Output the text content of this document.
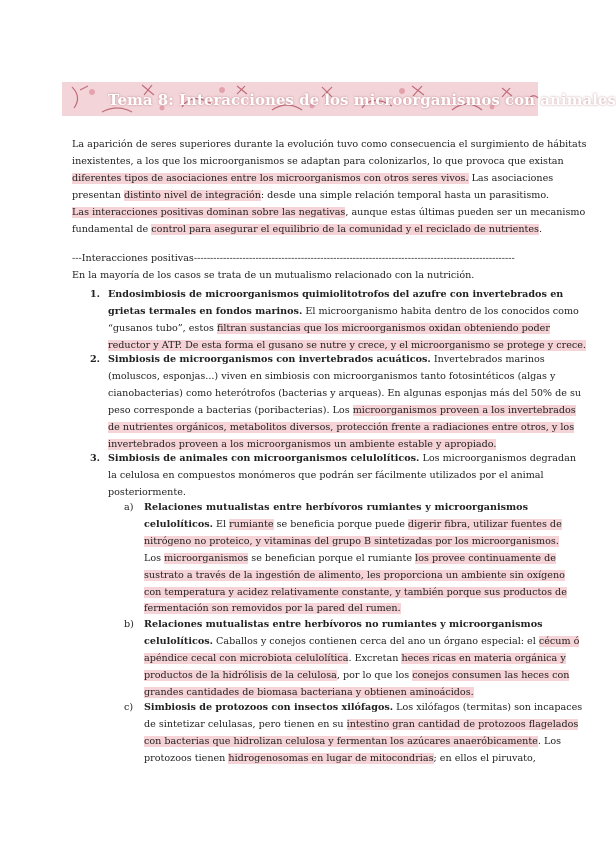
Tema 8: Interacciones de los microorganismos con animales
La aparición de seres superiores durante la evolución tuvo como consecuencia el surgimiento de hábitats
inexistentes, a los que los microorganismos se adaptan para colonizarlos, lo que provoca que existan
diferentes tipos de asociaciones entre los microorganismos con otros seres vivos. Las asociaciones
presentan distinto nivel de integración: desde una simple relación temporal hasta un parasitismo.
Las interacciones positivas dominan sobre las negativas, aunque estas últimas pueden ser un mecanismo
fundamental de control para asegurar el equilibrio de la comunidad y el reciclado de nutrientes.
---Interacciones positivas---------------------------------------------------------------------------------------------------
En la mayoría de los casos se trata de un mutualismo relacionado con la nutrición.
1. Endosimbiosis de microorganismos quimiolitotrofos del azufre con invertebrados en
grietas termales en fondos marinos. El microorganismo habita dentro de los conocidos como
“gusanos tubo”, estos filtran sustancias que los microorganismos oxidan obteniendo poder
reductor y ATP. De esta forma el gusano se nutre y crece, y el microorganismo se protege y crece.
2. Simbiosis de microorganismos con invertebrados acuáticos. Invertebrados marinos
(moluscos, esponjas...) viven en simbiosis con microorganismos tanto fotosintéticos (algas y
cianobacterias) como heterótrofos (bacterias y arqueas). En algunas esponjas más del 50% de su
peso corresponde a bacterias (poribacterias). Los microorganismos proveen a los invertebrados
de nutrientes orgánicos, metabolitos diversos, protección frente a radiaciones entre otros, y los
invertebrados proveen a los microorganismos un ambiente estable y apropiado.
3. Simbiosis de animales con microorganismos celulolíticos. Los microorganismos degradan
la celulosa en compuestos monómeros que podrán ser fácilmente utilizados por el animal
posteriormente.
a) Relaciones mutualistas entre herbívoros rumiantes y microorganismos
celulolíticos. El rumiante se beneficia porque puede digerir fibra, utilizar fuentes de
nitrógeno no proteico, y vitaminas del grupo B sintetizadas por los microorganismos.
Los microorganismos se benefician porque el rumiante los provee continuamente de
sustrato a través de la ingestión de alimento, les proporciona un ambiente sin oxígeno
con temperatura y acidez relativamente constante, y también porque sus productos de
fermentación son removidos por la pared del rumen.
b) Relaciones mutualistas entre herbívoros no rumiantes y microorganismos
celulolíticos. Caballos y conejos contienen cerca del ano un órgano especial: el cécum ó
apéndice cecal con microbiota celulolítica. Excretan heces ricas en materia orgánica y
productos de la hidrólisis de la celulosa, por lo que los conejos consumen las heces con
grandes cantidades de biomasa bacteriana y obtienen aminoácidos.
c) Simbiosis de protozoos con insectos xilófagos. Los xilófagos (termitas) son incapaces
de sintetizar celulasas, pero tienen en su intestino gran cantidad de protozoos flagelados
con bacterias que hidrolizan celulosa y fermentan los azúcares anaeróbicamente. Los
protozoos tienen hidrogenosomas en lugar de mitocondrias; en ellos el piruvato,
